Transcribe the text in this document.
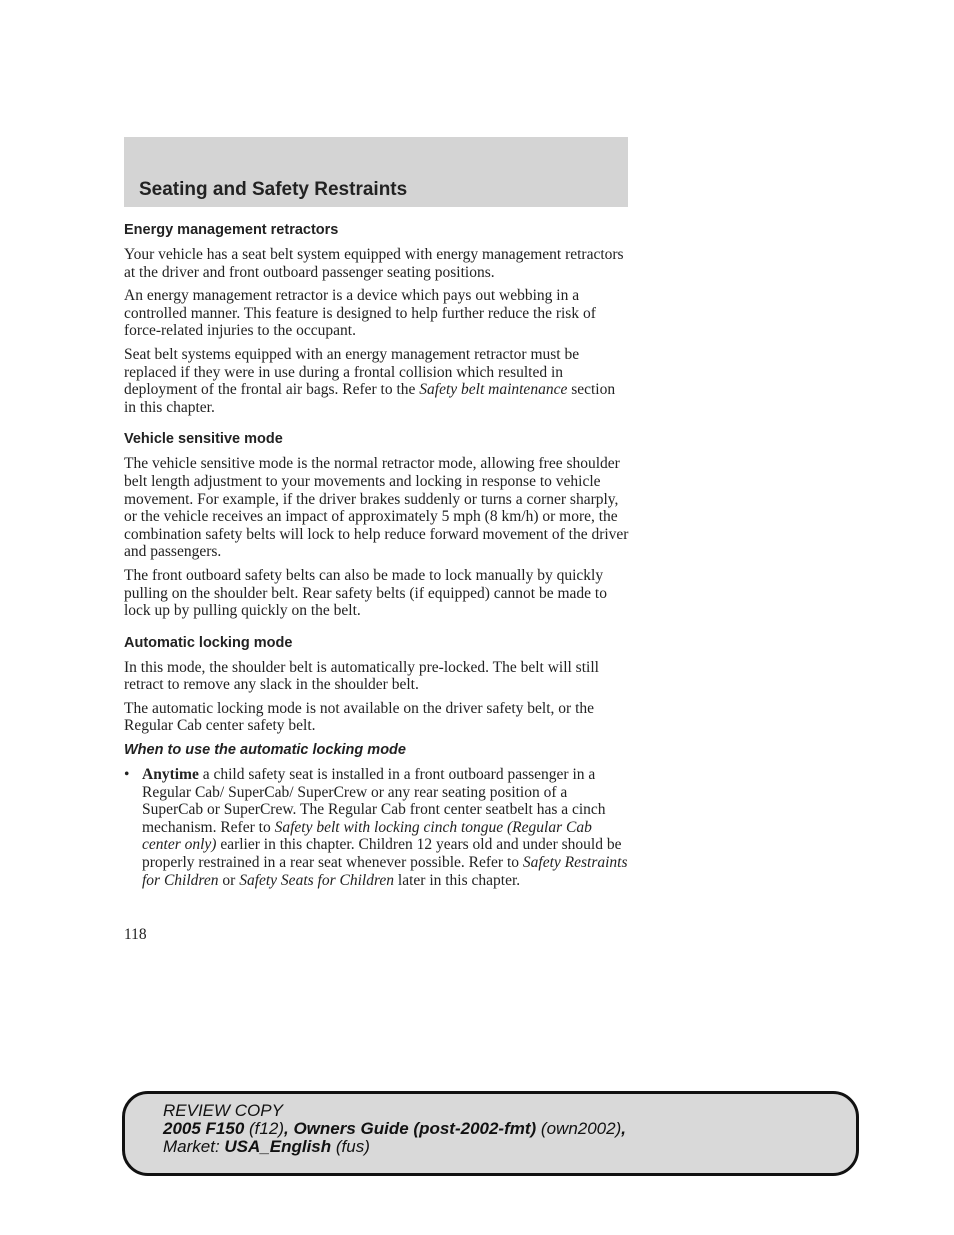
Seating and Safety Restraints
Energy management retractors

Your vehicle has a seat belt system equipped with energy management retractors at the driver and front outboard passenger seating positions.

An energy management retractor is a device which pays out webbing in a controlled manner. This feature is designed to help further reduce the risk of force-related injuries to the occupant.

Seat belt systems equipped with an energy management retractor must be replaced if they were in use during a frontal collision which resulted in deployment of the frontal air bags. Refer to the Safety belt maintenance section in this chapter.

Vehicle sensitive mode

The vehicle sensitive mode is the normal retractor mode, allowing free shoulder belt length adjustment to your movements and locking in response to vehicle movement. For example, if the driver brakes suddenly or turns a corner sharply, or the vehicle receives an impact of approximately 5 mph (8 km/h) or more, the combination safety belts will lock to help reduce forward movement of the driver and passengers.

The front outboard safety belts can also be made to lock manually by quickly pulling on the shoulder belt. Rear safety belts (if equipped) cannot be made to lock up by pulling quickly on the belt.

Automatic locking mode

In this mode, the shoulder belt is automatically pre-locked. The belt will still retract to remove any slack in the shoulder belt.

The automatic locking mode is not available on the driver safety belt, or the Regular Cab center safety belt.

When to use the automatic locking mode
• Anytime a child safety seat is installed in a front outboard passenger in a Regular Cab/ SuperCab/ SuperCrew or any rear seating position of a SuperCab or SuperCrew. The Regular Cab front center seatbelt has a cinch mechanism. Refer to Safety belt with locking cinch tongue (Regular Cab center only) earlier in this chapter. Children 12 years old and under should be properly restrained in a rear seat whenever possible. Refer to Safety Restraints for Children or Safety Seats for Children later in this chapter.
118
REVIEW COPY
2005 F150 (f12), Owners Guide (post-2002-fmt) (own2002),
Market: USA_English (fus)
